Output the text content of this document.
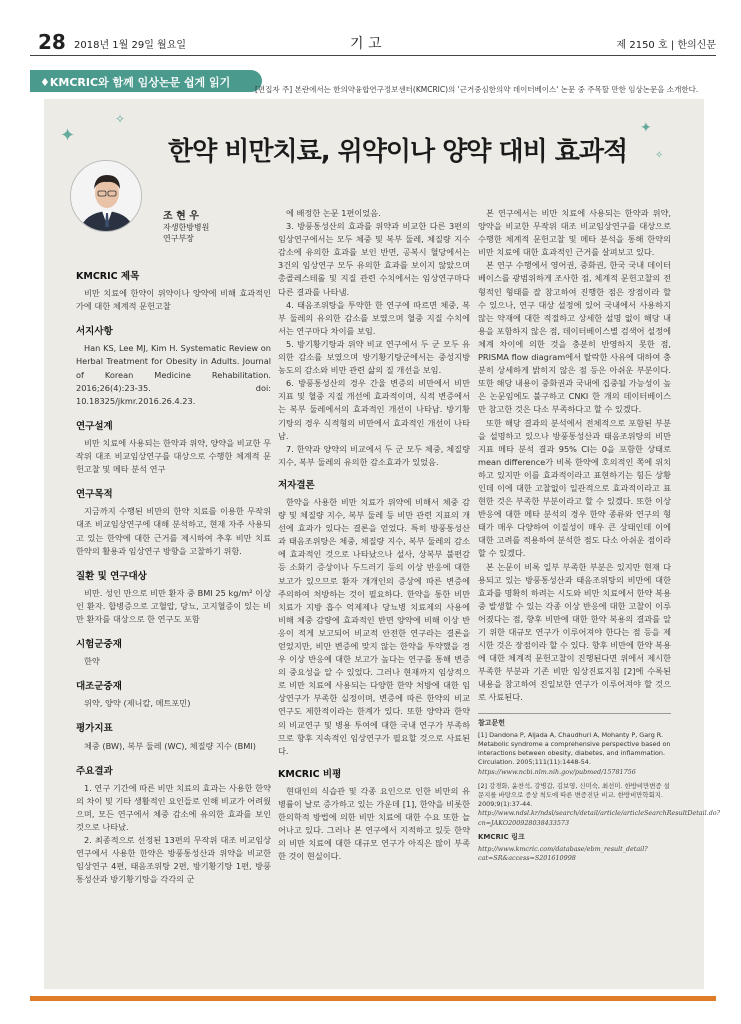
28 2018년 1월 29일 월요일	기 고	제 2150 호 | 한의신문
♦KMCRIC와 함께 임상논문 쉽게 읽기
[편집자 주] 본란에서는 한의약융합연구정보센터(KMCRIC)의 '근거중심한의약 데이터베이스' 논문 중 주목할 만한 임상논문을 소개한다.
✦
✧
✦
✧
한약 비만치료, 위약이나 양약 대비 효과적
조 현 우
자생한방병원
연구부장
KMCRIC 제목
비만 치료에 한약이 위약이나 양약에 비해 효과적인가에 대한 체계적 문헌고찰
서지사항
Han KS, Lee MJ, Kim H. Systematic Review on Herbal Treatment for Obesity in Adults. Journal of Korean Medicine Rehabilitation. 2016;26(4):23-35. doi: 10.18325/jkmr.2016.26.4.23.
연구설계
비만 치료에 사용되는 한약과 위약, 양약을 비교한 무작위 대조 비교임상연구를 대상으로 수행한 체계적 문헌고찰 및 메타 분석 연구
연구목적
지금까지 수행된 비만의 한약 치료를 이용한 무작위 대조 비교임상연구에 대해 분석하고, 현재 자주 사용되고 있는 한약에 대한 근거를 제시하여 추후 비만 치료 한약의 활용과 임상연구 방향을 고찰하기 위함.
질환 및 연구대상
비만. 성인 만으로 비만 환자 중 BMI 25 kg/m² 이상인 환자. 합병증으로 고혈압, 당뇨, 고지혈증이 있는 비만 환자를 대상으로 한 연구도 포함
시험군중재
한약
대조군중재
위약, 양약 (제니칼, 메트포민)
평가지표
체중 (BW), 복부 둘레 (WC), 체질량 지수 (BMI)
주요결과
1. 연구 기간에 따른 비만 치료의 효과는 사용한 한약의 차이 및 기타 생활적인 요인들로 인해 비교가 어려웠으며, 모든 연구에서 체중 감소에 유의한 효과를 보인 것으로 나타났.
2. 최종적으로 선정된 13편의 무작위 대조 비교임상연구에서 사용한 한약은 방풍통성산과 위약을 비교한 임상연구 4편, 태음조위탕 2편, 방기황기탕 1편, 방풍통성산과 방기황기탕을 각각의 군
에 배정한 논문 1편이었음.
3. 방풍통성산의 효과를 위약과 비교한 다른 3편의 임상연구에서는 모두 체중 및 복부 둘레, 체질량 지수 감소에 유의한 효과를 보인 반면, 공복시 혈당에서는 3건의 임상연구 모두 유의한 효과를 보이지 않았으며 총콜레스테롤 및 지질 관련 수치에서는 임상연구마다 다른 결과를 나타냄.
4. 태음조위탕을 투약한 한 연구에 따르면 체중, 복부 둘레의 유의한 감소를 보였으며 혈중 지질 수치에서는 연구마다 차이를 보임.
5. 방기황기탕과 위약 비교 연구에서 두 군 모두 유의한 감소를 보였으며 방기황기탕군에서는 중성지방 농도의 감소와 비만 관련 삶의 질 개선을 보임.
6. 방풍통성산의 경우 간울 변증의 비만에서 비만 지표 및 혈중 지질 개선에 효과적이며, 식적 변증에서는 복부 둘레에서의 효과적인 개선이 나타남. 방기황기탕의 경우 식적형의 비만에서 효과적인 개선이 나타남.
7. 한약과 양약의 비교에서 두 군 모두 체중, 체질량 지수, 복부 둘레의 유의한 감소효과가 있었음.
저자결론
한약을 사용한 비만 치료가 위약에 비해서 체중 감량 및 체질량 지수, 복부 둘레 등 비만 관련 지표의 개선에 효과가 있다는 결론을 얻었다. 특히 방풍통성산과 태음조위탕은 체중, 체질량 지수, 복부 둘레의 감소에 효과적인 것으로 나타났으나 설사, 상복부 불편감 등 소화기 증상이나 두드러기 등의 이상 반응에 대한 보고가 있으므로 환자 개개인의 증상에 따른 변증에 주의하여 처방하는 것이 필요하다. 한약을 통한 비만 치료가 지방 흡수 억제제나 당뇨병 치료제의 사용에 비해 체중 감량에 효과적인 반면 양약에 비해 이상 반응이 적게 보고되어 비교적 안전한 연구라는 결론을 얻었지만, 비만 변증에 맞지 않는 한약을 투약했을 경우 이상 반응에 대한 보고가 높다는 연구를 통해 변증의 중요성을 알 수 있었다. 그러나 현재까지 임상적으로 비만 치료에 사용되는 다양한 한약 처방에 대한 임상연구가 부족한 실정이며, 변증에 따른 한약의 비교 연구도 제한적이라는 한계가 있다. 또한 양약과 한약의 비교연구 및 병용 투여에 대한 국내 연구가 부족하므로 향후 지속적인 임상연구가 필요할 것으로 사료된다.
KMCRIC 비평
현대인의 식습관 및 각종 요인으로 인한 비만의 유병률이 날로 증가하고 있는 가운데 [1], 한약을 비롯한 한의학적 방법에 의한 비만 치료에 대한 수요 또한 늘어나고 있다. 그러나 본 연구에서 지적하고 있듯 한약의 비만 치료에 대한 대규모 연구가 아직은 많이 부족한 것이 현실이다.
본 연구에서는 비만 치료에 사용되는 한약과 위약, 양약을 비교한 무작위 대조 비교임상연구를 대상으로 수행한 체계적 문헌고찰 및 메타 분석을 통해 한약의 비만 치료에 대한 효과적인 근거를 살펴보고 있다.
본 연구 수행에서 영어권, 중화권, 한국 국내 데이터베이스를 광범위하게 조사한 점, 체계적 문헌고찰의 전형적인 형태를 잘 참고하여 진행한 점은 장점이라 할 수 있으나, 연구 대상 설정에 있어 국내에서 사용하지 않는 약재에 대한 적절하고 상세한 설명 없이 해당 내용을 포함하지 않은 점, 데이터베이스별 검색어 설정에 체계 차이에 의한 것을 충분히 반영하지 못한 점, PRISMA flow diagram에서 탈락한 사유에 대하여 충분히 상세하게 밝히지 않은 점 등은 아쉬운 부분이다. 또한 해당 내용이 중화권과 국내에 집중될 가능성이 높은 논문임에도 불구하고 CNKI 한 개의 데이터베이스만 참고한 것은 다소 부족하다고 할 수 있겠다.
또한 해당 결과의 분석에서 전체적으로 포함된 부분을 설명하고 있으나 방풍통성산과 태음조위탕의 비만 지표 메타 분석 결과 95% CI는 0을 포함한 상태로 mean difference가 비록 한약에 호의적인 쪽에 위치하고 있지만 이를 효과적이라고 표현하기는 힘든 상황인데 이에 대한 고찰없이 일관적으로 효과적이라고 표현한 것은 부족한 부분이라고 할 수 있겠다. 또한 이상 반응에 대한 메타 분석의 경우 한약 종류와 연구의 형태가 매우 다양하여 이질성이 매우 큰 상태인데 이에 대한 고려를 적용하여 분석한 점도 다소 아쉬운 점이라 할 수 있겠다.
본 논문이 비록 일부 부족한 부분은 있지만 현재 다용되고 있는 방풍통성산과 태음조위탕의 비만에 대한 효과를 명확히 하려는 시도와 비만 치료에서 한약 복용 중 발생할 수 있는 각종 이상 반응에 대한 고찰이 이루어졌다는 점, 향후 비만에 대한 한약 복용의 결과를 알기 위한 대규모 연구가 이루어져야 한다는 점 등을 제시한 것은 장점이라 할 수 있다. 향후 비만에 한약 복용에 대한 체계적 문헌고찰이 진행된다면 위에서 제시한 부족한 부분과 기존 비만 임상진료지침 [2]에 수록된 내용을 참고하여 진일보한 연구가 이루어져야 할 것으로 사료된다.
참고문헌
[1] Dandona P, Aljada A, Chaudhuri A, Mohanty P, Garg R. Metabolic syndrome a comprehensive perspective based on interactions between obesity, diabetes, and inflammation. Circulation. 2005;111(11):1448-54.
https://www.ncbi.nlm.nih.gov/pubmed/15781756
[2] 강경화, 윤찬석, 강병갑, 김보영, 신미숙, 최선미. 한방비만변증 설문지를 바탕으로 증상 척도에 따른 변증진단 비교. 한방비만학회지. 2009;9(1):37-44.
http://www.ndsl.kr/ndsl/search/detail/article/articleSearchResultDetail.do?cn=JAKO200928038433573
KMCRIC 링크
http://www.kmcric.com/database/ebm_result_detail?cat=SR&access=S201610998
